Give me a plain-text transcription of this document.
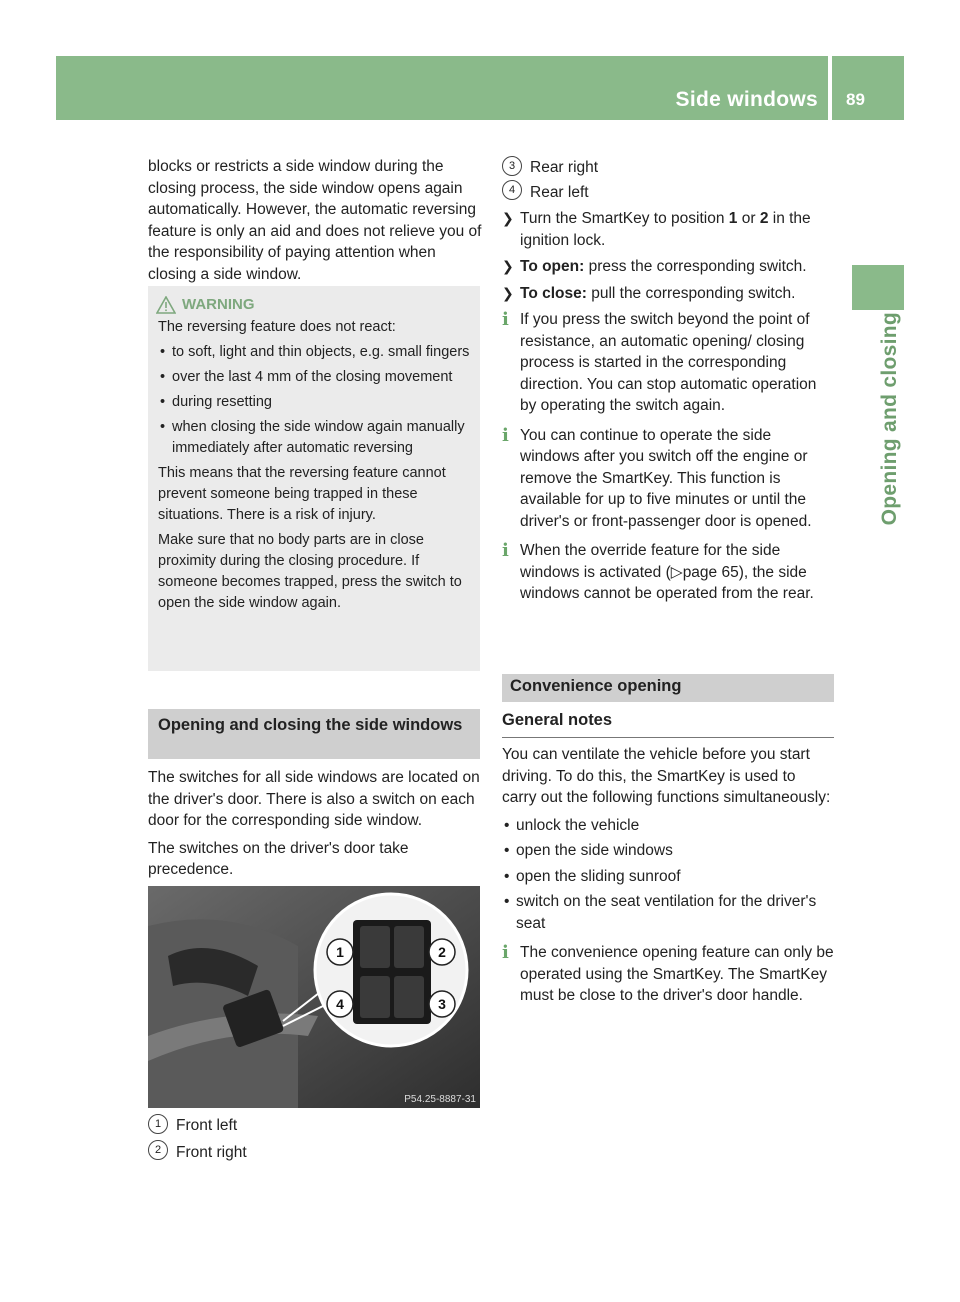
Side windows 89
Opening and closing

blocks or restricts a side window during the closing process, the side window opens again automatically. However, the automatic reversing feature is only an aid and does not relieve you of the responsibility of paying attention when closing a side window.

WARNING

The reversing feature does not react:

• to soft, light and thin objects, e.g. small fingers
• over the last 4 mm of the closing movement
• during resetting
• when closing the side window again manually immediately after automatic reversing

This means that the reversing feature cannot prevent someone being trapped in these situations. There is a risk of injury.

Make sure that no body parts are in close proximity during the closing procedure. If someone becomes trapped, press the switch to open the side window again.

Opening and closing the side windows

The switches for all side windows are located on the driver's door. There is also a switch on each door for the corresponding side window.

The switches on the driver's door take precedence.

1	2
3
4
P54.25-8887-31

1 Front left

2 Front right

3 Rear right

4 Rear left

❯ Turn the SmartKey to position 1 or 2 in the ignition lock.
❯ To open: press the corresponding switch.
❯ To close: pull the corresponding switch.
i If you press the switch beyond the point of resistance, an automatic opening/ closing process is started in the corresponding direction. You can stop automatic operation by operating the switch again.
i You can continue to operate the side windows after you switch off the engine or remove the SmartKey. This function is available for up to five minutes or until the driver's or front-passenger door is opened.
i When the override feature for the side windows is activated (▷page 65), the side windows cannot be operated from the rear.
Convenience opening
General notes

You can ventilate the vehicle before you start driving. To do this, the SmartKey is used to carry out the following functions simultaneously:

• unlock the vehicle
• open the side windows
• open the sliding sunroof
• switch on the seat ventilation for the driver's seat
i The convenience opening feature can only be operated using the SmartKey. The SmartKey must be close to the driver's door handle.
